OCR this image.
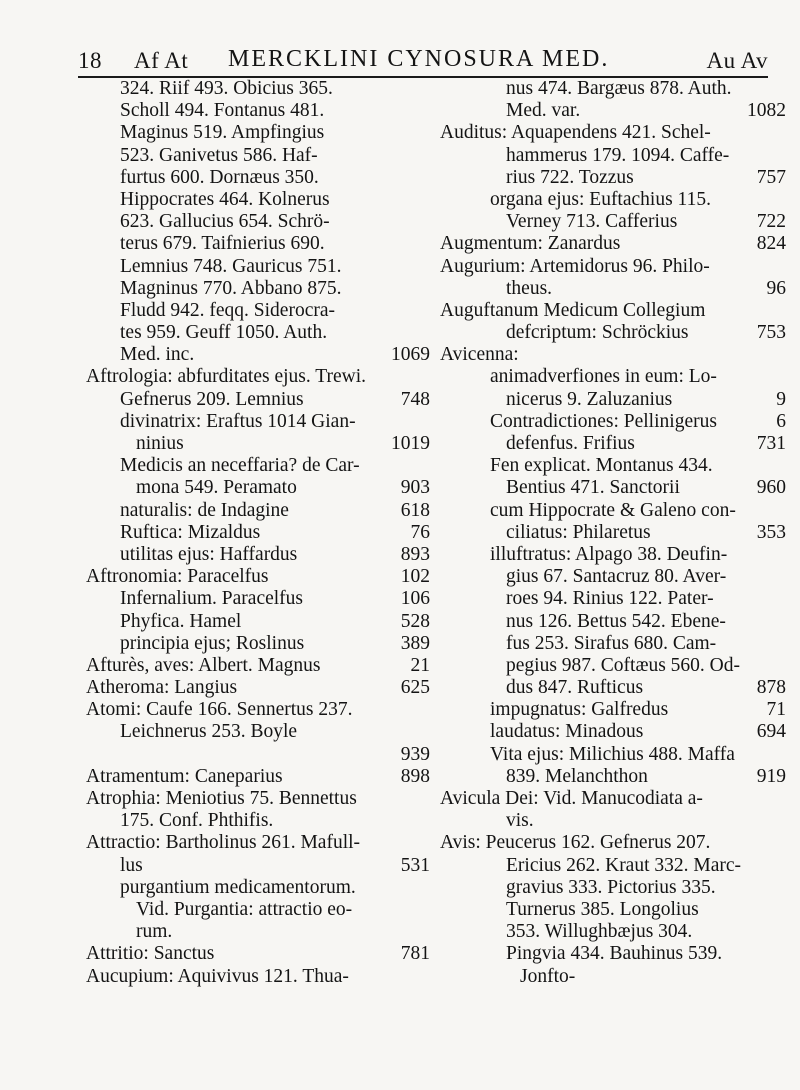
18 Af At MERCKLINI CYNOSURA MED.	Au Av
324. Riif 493. Obicius 365.
Scholl 494. Fontanus 481.
Maginus 519. Ampfingius
523. Ganivetus 586. Haf-
furtus 600. Dornæus 350.
Hippocrates 464. Kolnerus
623. Gallucius 654. Schrö-
terus 679. Taifnierius 690.
Lemnius 748. Gauricus 751.
Magninus 770. Abbano 875.
Fludd 942. feqq. Siderocra-
tes 959. Geuff 1050. Auth.
Med. inc.	1069
Aftrologia: abfurditates ejus. Trewi.
Gefnerus 209. Lemnius	748
divinatrix: Eraftus 1014 Gian-
ninius	1019
Medicis an neceffaria? de Car-
mona 549. Peramato	903
naturalis: de Indagine	618
Ruftica: Mizaldus	76
utilitas ejus: Haffardus	893
Aftronomia: Paracelfus	102
Infernalium. Paracelfus	106
Phyfica. Hamel	528
principia ejus; Roslinus	389
Afturès, aves: Albert. Magnus	21
Atheroma: Langius	625
Atomi: Caufe 166. Sennertus 237.
Leichnerus 253. Boyle
939
Atramentum: Caneparius	898
Atrophia: Meniotius 75. Bennettus
175. Conf. Phthifis.
Attractio: Bartholinus 261. Mafull-
lus	531
purgantium medicamentorum.
Vid. Purgantia: attractio eo-
rum.
Attritio: Sanctus	781
Aucupium: Aquivivus 121. Thua-
nus 474. Bargæus 878. Auth.
Med. var.	1082
Auditus: Aquapendens 421. Schel-
hammerus 179. 1094. Caffe-
rius 722. Tozzus	757
organa ejus: Euftachius 115.
Verney 713. Cafferius	722
Augmentum: Zanardus	824
Augurium: Artemidorus 96. Philo-
theus.	96
Auguftanum Medicum Collegium
defcriptum: Schröckius	753
Avicenna:
animadverfiones in eum: Lo-
nicerus 9. Zaluzanius	9
Contradictiones: Pellinigerus	6
defenfus. Frifius	731
Fen explicat. Montanus 434.
Bentius 471. Sanctorii	960
cum Hippocrate & Galeno con-
ciliatus: Philaretus	353
illuftratus: Alpago 38. Deufin-
gius 67. Santacruz 80. Aver-
roes 94. Rinius 122. Pater-
nus 126. Bettus 542. Ebene-
fus 253. Sirafus 680. Cam-
pegius 987. Coftæus 560. Od-
dus 847. Rufticus	878
impugnatus: Galfredus	71
laudatus: Minadous	694
Vita ejus: Milichius 488. Maffa
839. Melanchthon	919
Avicula Dei: Vid. Manucodiata a-
vis.
Avis: Peucerus 162. Gefnerus 207.
Ericius 262. Kraut 332. Marc-
gravius 333. Pictorius 335.
Turnerus 385. Longolius
353. Willughbæjus 304.
Pingvia 434. Bauhinus 539.
Jonfto-
